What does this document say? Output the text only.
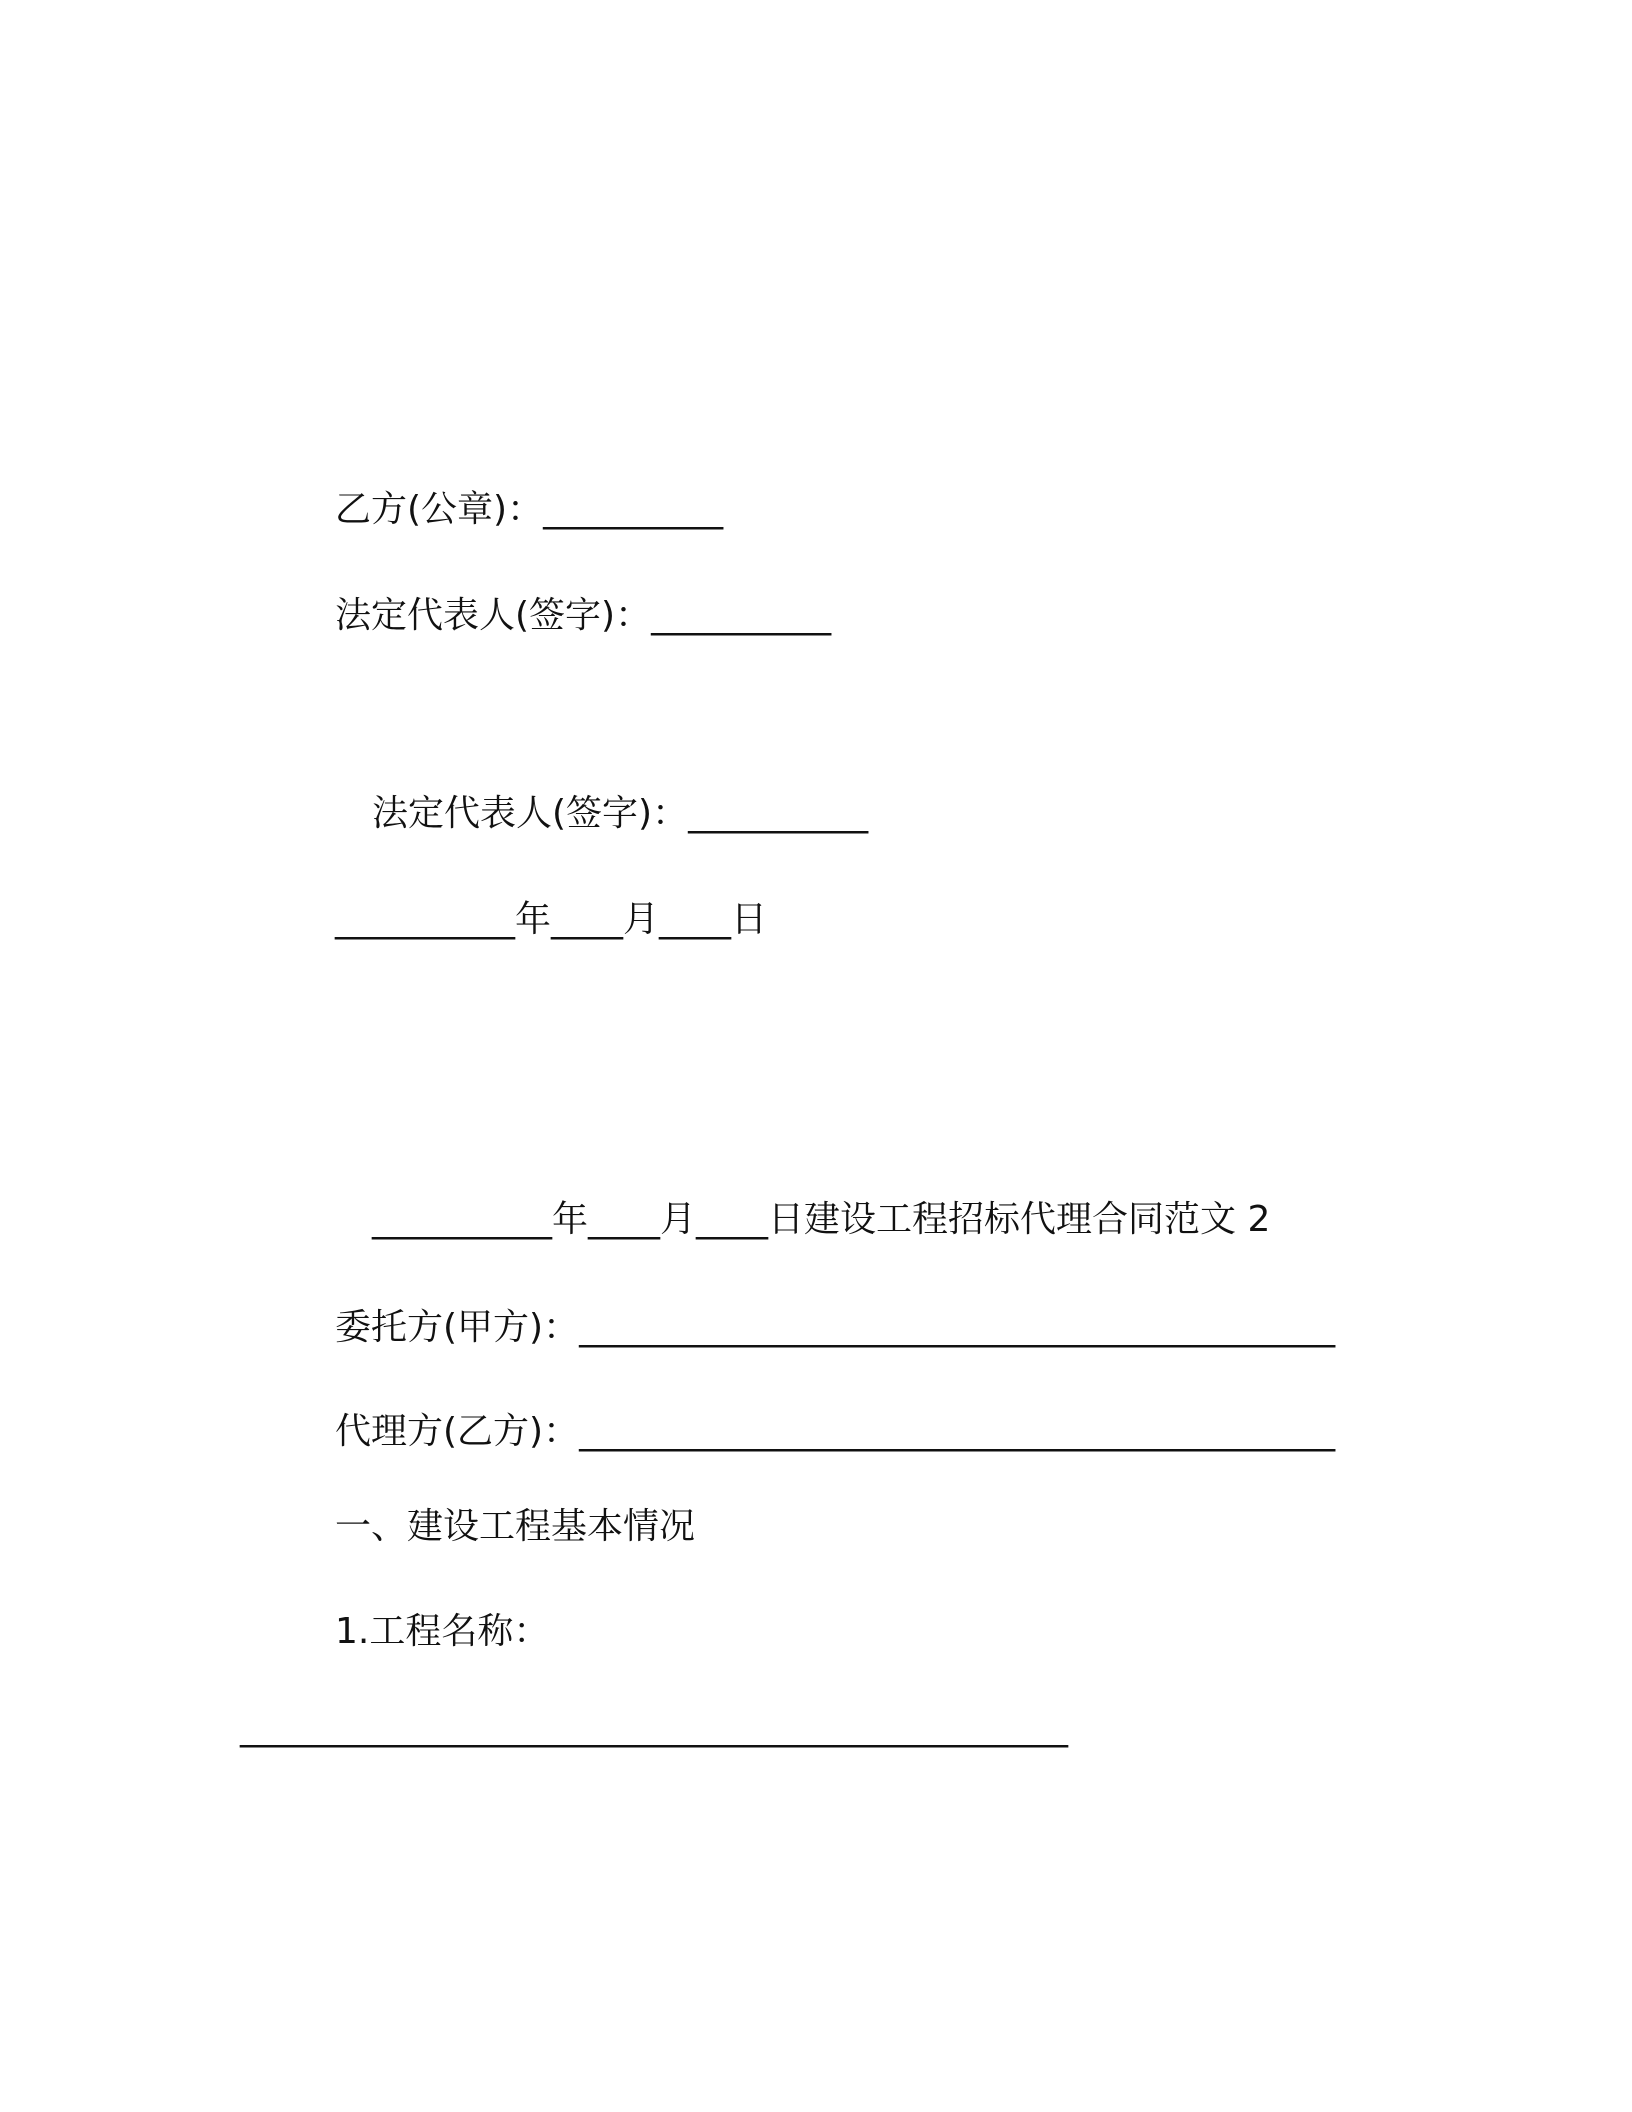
乙方(公章)：__________
法定代表人(签字)：__________
法定代表人(签字)：__________
__________年____月____日
__________年____月____日建设工程招标代理合同范文 2
委托方(甲方)：__________________________________________
代理方(乙方)：__________________________________________
一、建设工程基本情况
1.工程名称：
______________________________________________
